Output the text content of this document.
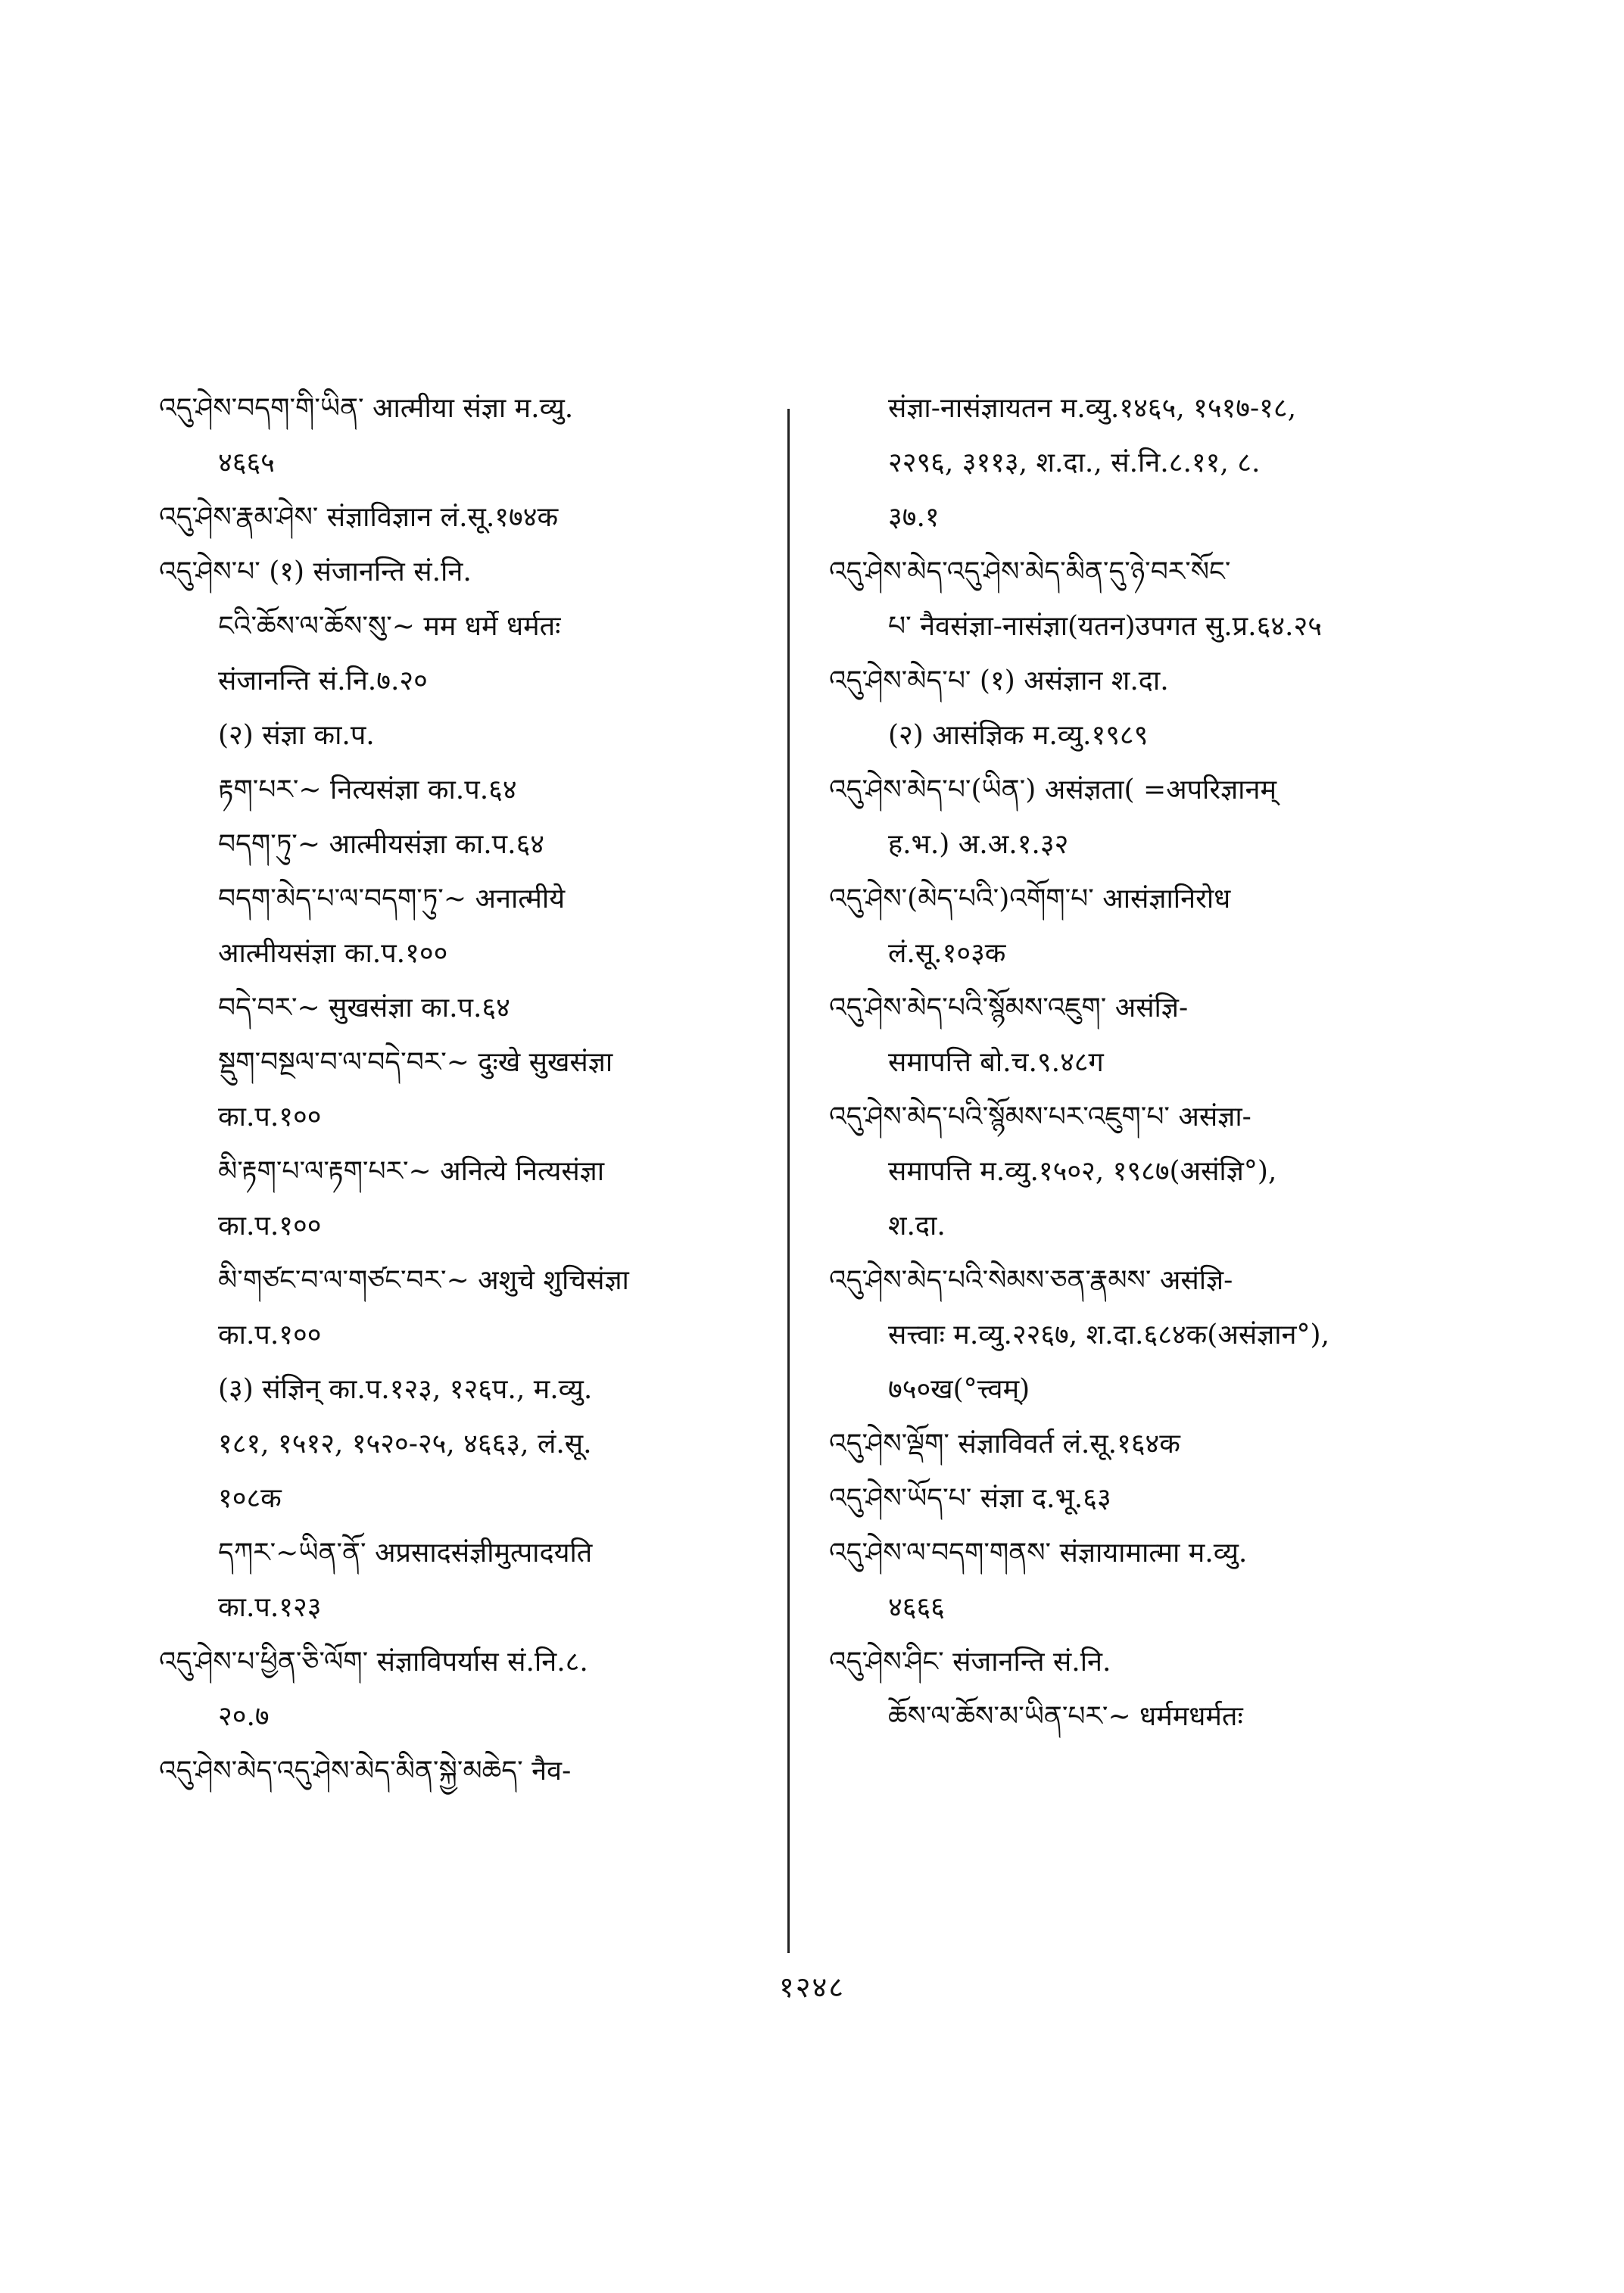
འདུ་ཤེས་བདག་གི་ཡིན་ आत्मीया संज्ञा म.व्यु.
४६६५
འདུ་ཤེས་རྣམ་ཤེས་ संज्ञाविज्ञान लं.सू.१७४क
འདུ་ཤེས་པ་ (१) संजानन्ति सं.नि.
ངའི་ཆོས་ལ་ཆོས་སུ་~ मम धर्मे धर्मतः
संजानन्ति सं.नि.७.२०
(२) संज्ञा का.प.
རྟག་པར་~ नित्यसंज्ञा का.प.६४
བདག་ཏུ་~ आत्मीयसंज्ञा का.प.६४
བདག་མེད་པ་ལ་བདག་ཏུ་~ अनात्मीये
आत्मीयसंज्ञा का.प.१००
བདེ་བར་~ सुखसंज्ञा का.प.६४
སྡུག་བསྔལ་བ་ལ་བདེ་བར་~ दुःखे सुखसंज्ञा
का.प.१००
མི་རྟག་པ་ལ་རྟག་པར་~ अनित्ये नित्यसंज्ञा
का.प.१००
མི་གཙང་བ་ལ་གཙང་བར་~ अशुचे शुचिसंज्ञा
का.प.१००
(३) संज्ञिन् का.प.१२३, १२६प., म.व्यु.
१८१, १५१२, १५२०-२५, ४६६३, लं.सू.
१०८क
དཀར་~ཡིན་ནོ་ अप्रसादसंज्ञीमुत्पादयति
का.प.१२३
འདུ་ཤེས་པ་ཕྱིན་ཅི་ལོག་ संज्ञाविपर्यास सं.नि.८.
२०.७
འདུ་ཤེས་མེད་འདུ་ཤེས་མེད་མིན་སྐྱེ་མཆེད་ नैव-
संज्ञा-नासंज्ञायतन म.व्यु.१४६५, १५१७-१८,
२२९६, ३११३, श.दा., सं.नि.८.११, ८.
३७.१
འདུ་ཤེས་མེད་འདུ་ཤེས་མེད་མིན་དུ་ཉེ་བར་སོང་
པ་ नैवसंज्ञा-नासंज्ञा(यतन)उपगत सु.प्र.६४.२५
འདུ་ཤེས་མེད་པ་ (१) असंज्ञान श.दा.
(२) आसंज्ञिक म.व्यु.१९८९
འདུ་ཤེས་མེད་པ་(ཡིན་) असंज्ञता( =अपरिज्ञानम्
ह.भ.) अ.अ.१.३२
འདུ་ཤེས་(མེད་པའི་)འགོག་པ་ आसंज्ञानिरोध
लं.सू.१०३क
འདུ་ཤེས་མེད་པའི་སྙོམས་འཇུག་ असंज्ञि-
समापत्ति बो.च.९.४८ग
འདུ་ཤེས་མེད་པའི་སྙོམས་པར་འཇུག་པ་ असंज्ञा-
समापत्ति म.व्यु.१५०२, १९८७(असंज्ञि°),
श.दा.
འདུ་ཤེས་མེད་པའི་སེམས་ཅན་རྣམས་ असंज्ञि-
सत्त्वाः म.व्यु.२२६७, श.दा.६८४क(असंज्ञान°),
७५०ख(°त्त्वम्)
འདུ་ཤེས་ལྡོག་ संज्ञाविवर्त लं.सू.१६४क
འདུ་ཤེས་ཡོད་པ་ संज्ञा द.भू.६३
འདུ་ཤེས་ལ་བདག་གནས་ संज्ञायामात्मा म.व्यु.
४६६६
འདུ་ཤེས་ཤིང་ संजानन्ति सं.नि.
ཆོས་ལ་ཆོས་མ་ཡིན་པར་~ धर्ममधर्मतः
१२४८
